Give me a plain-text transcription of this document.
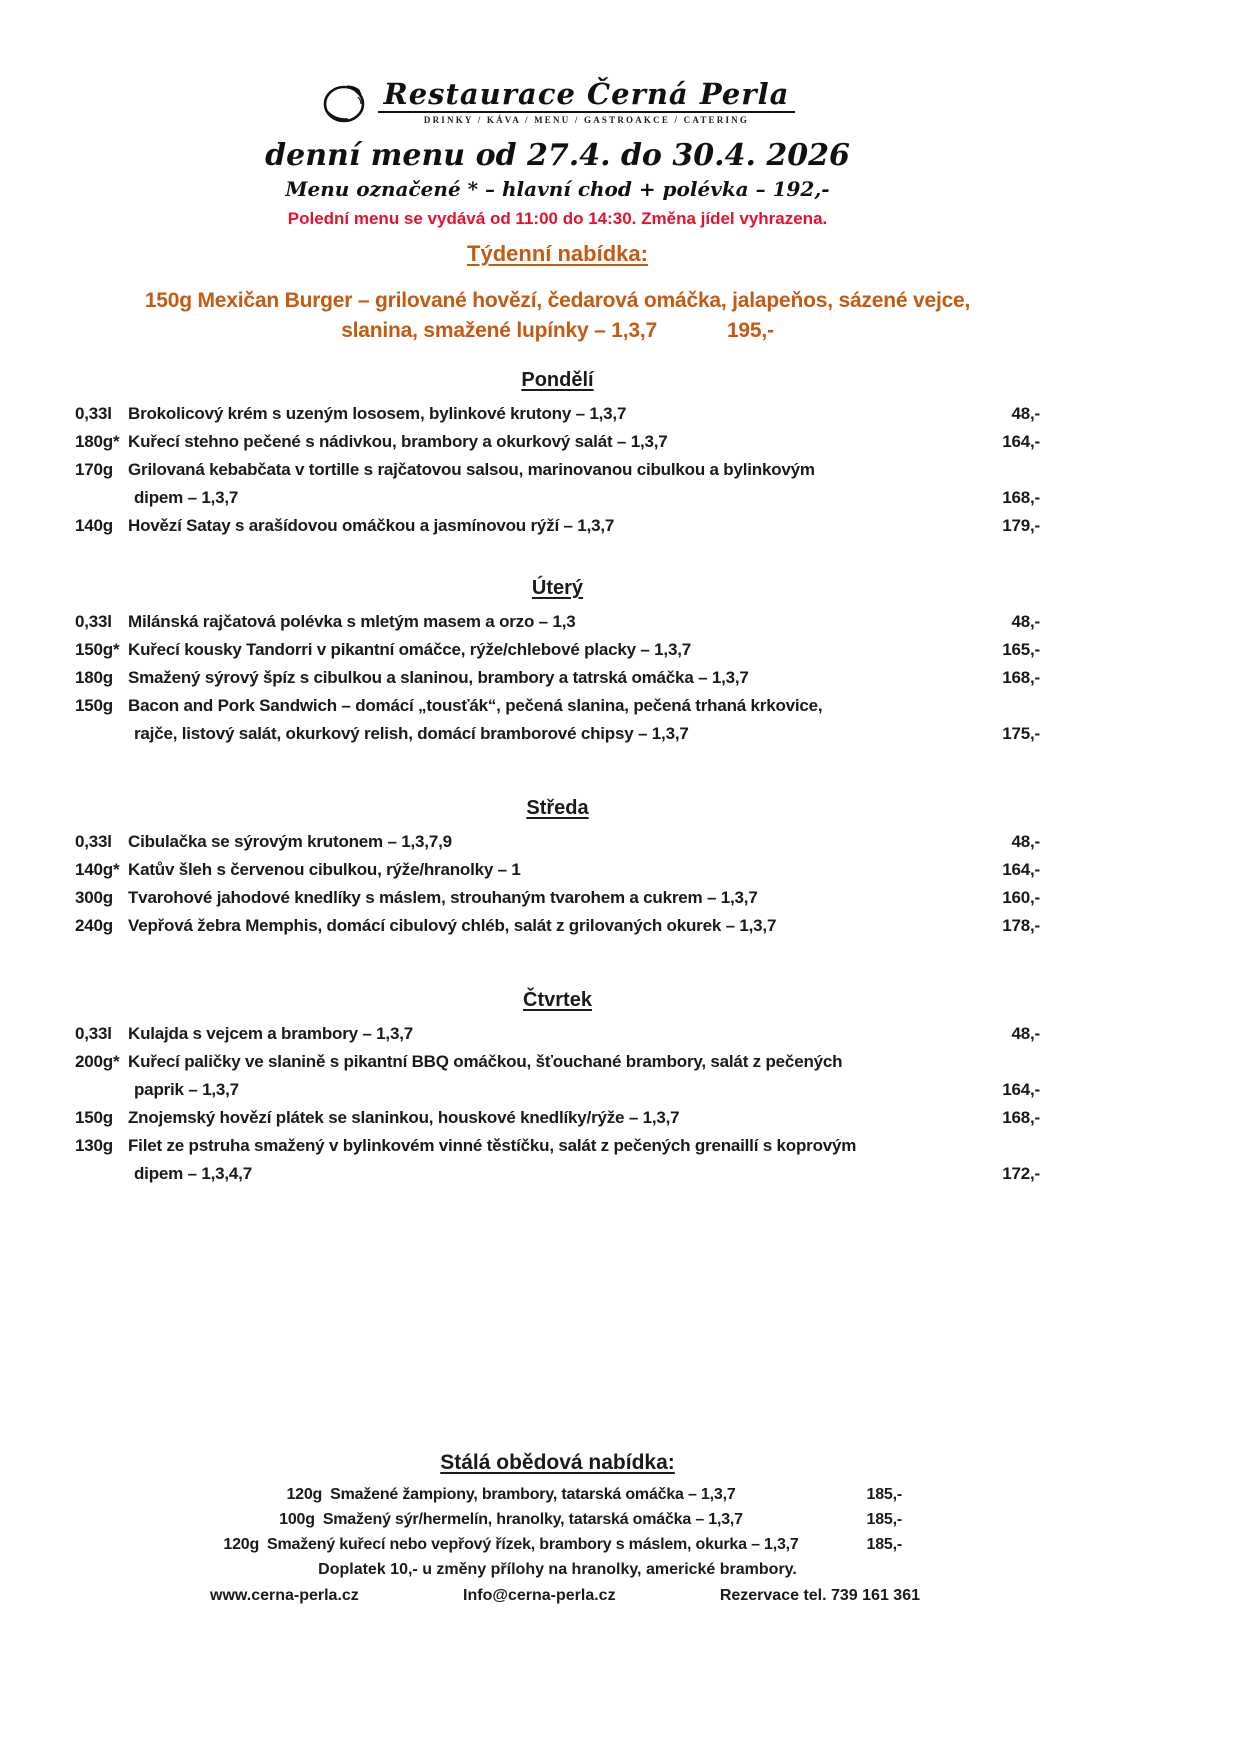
Restaurace Černá Perla
DRINKY / KÁVA / MENU / GASTROAKCE / CATERING
denní menu od 27.4. do 30.4. 2026
Menu označené * – hlavní chod + polévka – 192,-
Polední menu se vydává od 11:00 do 14:30. Změna jídel vyhrazena.
Týdenní nabídka:
150g Mexičan Burger – grilované hovězí, čedarová omáčka, jalapeňos, sázené vejce,
slanina, smažené lupínky – 1,3,7	195,-
Pondělí
0,33l Brokolicový krém s uzeným lososem, bylinkové krutony – 1,3,7	48,-
180g* Kuřecí stehno pečené s nádivkou, brambory a okurkový salát – 1,3,7	164,-
170g Grilovaná kebabčata v tortille s rajčatovou salsou, marinovanou cibulkou a bylinkovým
dipem – 1,3,7	168,-
140g Hovězí Satay s arašídovou omáčkou a jasmínovou rýží – 1,3,7	179,-
Úterý
0,33l Milánská rajčatová polévka s mletým masem a orzo – 1,3	48,-
150g* Kuřecí kousky Tandorri v pikantní omáčce, rýže/chlebové placky – 1,3,7	165,-
180g Smažený sýrový špíz s cibulkou a slaninou, brambory a tatrská omáčka – 1,3,7	168,-
150g Bacon and Pork Sandwich – domácí „tousťák“, pečená slanina, pečená trhaná krkovice,
rajče, listový salát, okurkový relish, domácí bramborové chipsy – 1,3,7	175,-
Středa
0,33l Cibulačka se sýrovým krutonem – 1,3,7,9	48,-
140g* Katův šleh s červenou cibulkou, rýže/hranolky – 1	164,-
300g Tvarohové jahodové knedlíky s máslem, strouhaným tvarohem a cukrem – 1,3,7	160,-
240g Vepřová žebra Memphis, domácí cibulový chléb, salát z grilovaných okurek – 1,3,7	178,-
Čtvrtek
0,33l Kulajda s vejcem a brambory – 1,3,7	48,-
200g* Kuřecí paličky ve slanině s pikantní BBQ omáčkou, šťouchané brambory, salát z pečených
paprik – 1,3,7	164,-
150g Znojemský hovězí plátek se slaninkou, houskové knedlíky/rýže – 1,3,7	168,-
130g Filet ze pstruha smažený v bylinkovém vinné těstíčku, salát z pečených grenaillí s koprovým
dipem – 1,3,4,7	172,-
Stálá obědová nabídka:
120g Smažené žampiony, brambory, tatarská omáčka – 1,3,7	185,-
100g Smažený sýr/hermelín, hranolky, tatarská omáčka – 1,3,7	185,-
120g Smažený kuřecí nebo vepřový řízek, brambory s máslem, okurka – 1,3,7	185,-
Doplatek 10,- u změny přílohy na hranolky, americké brambory.
www.cerna-perla.cz	Info@cerna-perla.cz	Rezervace tel. 739 161 361
